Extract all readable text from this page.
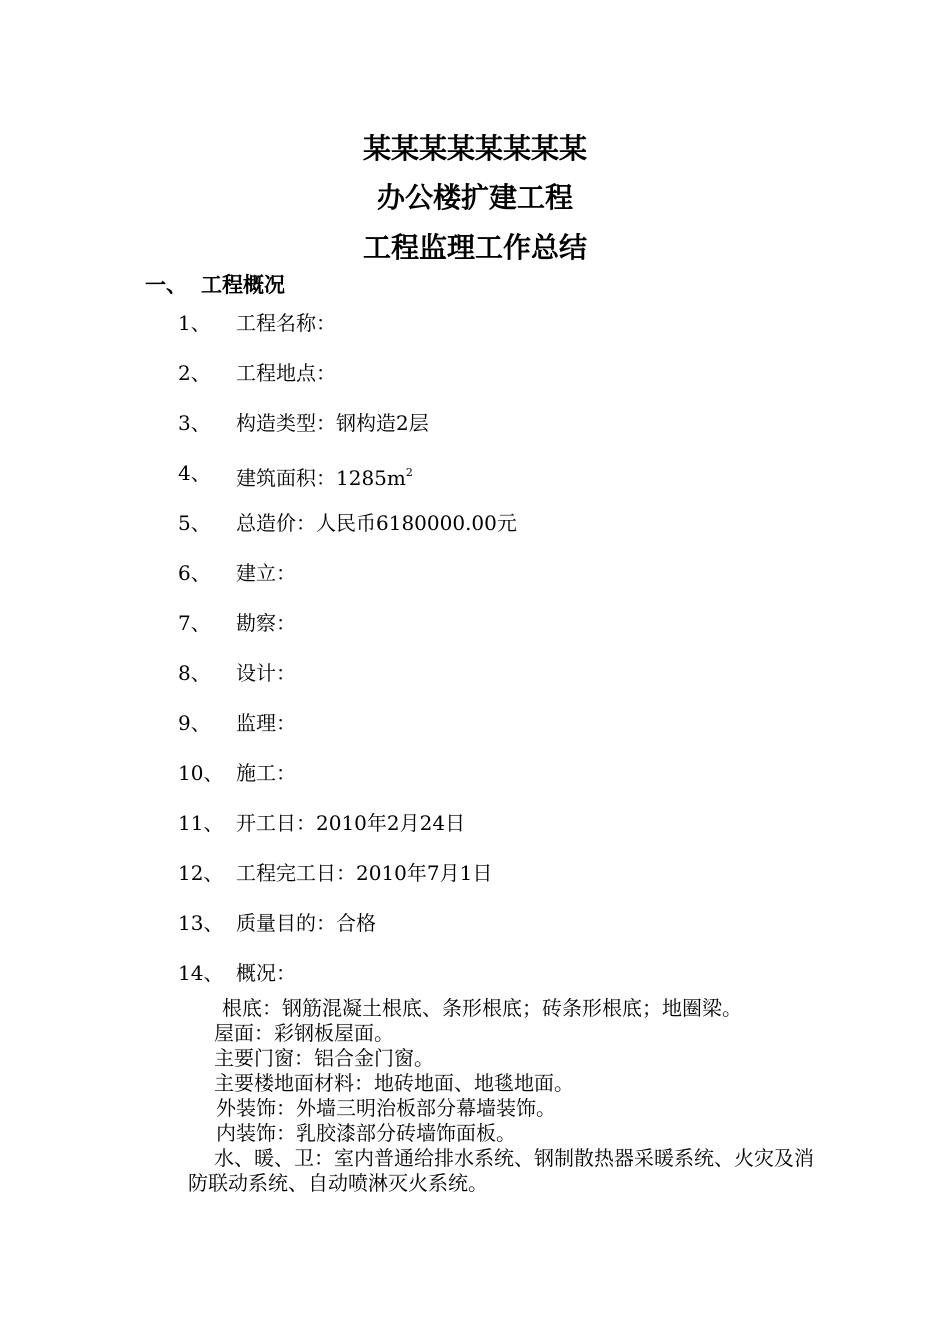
某某某某某某某某
办公楼扩建工程
工程监理工作总结
一、 工程概况
1、	工程名称：
2、	工程地点：
3、	构造类型：钢构造2层
4、	建筑面积：$1285m^2$
5、	总造价：人民币6180000.00元
6、	建立：
7、	勘察：
8、	设计：
9、	监理：
10、 施工：
11、 开工日：2010年2月24日
12、 工程完工日：2010年7月1日
13、 质量目的：合格
14、 概况：

根底：钢筋混凝土根底、条形根底；砖条形根底；地圈梁。

屋面：彩钢板屋面。

主要门窗：铝合金门窗。

主要楼地面材料：地砖地面、地毯地面。

外装饰：外墙三明治板部分幕墙装饰。

内装饰：乳胶漆部分砖墙饰面板。

水、暖、卫：室内普通给排水系统、钢制散热器采暖系统、火灾及消防联动系统、自动喷淋灭火系统。
